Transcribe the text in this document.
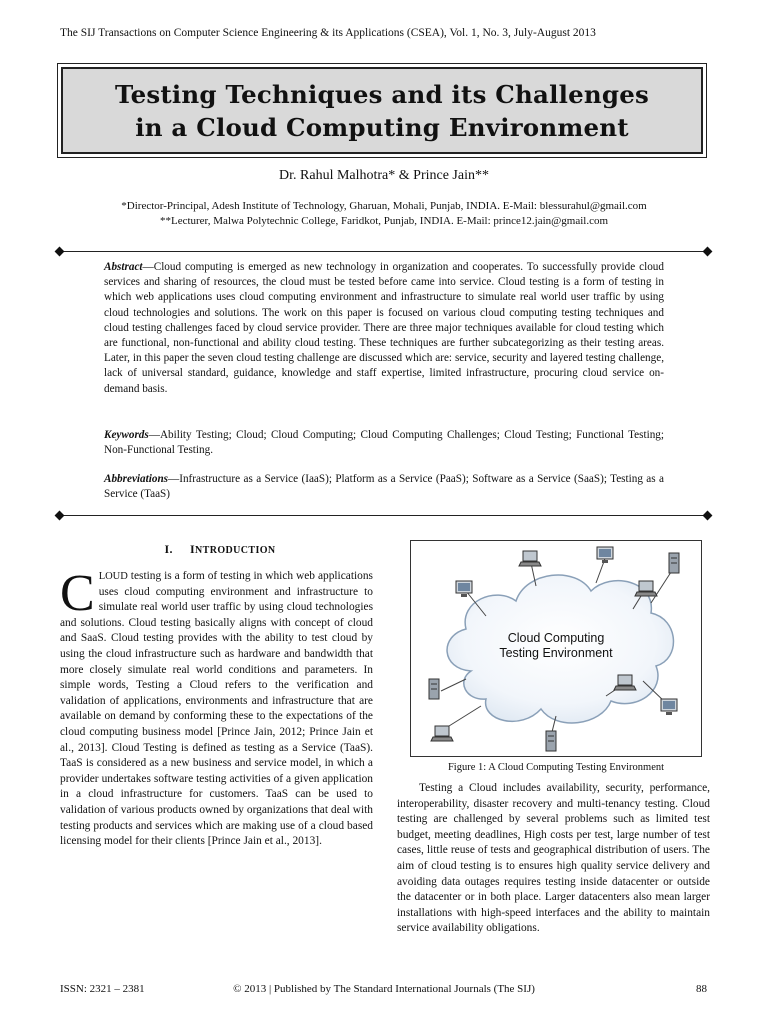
The SIJ Transactions on Computer Science Engineering & its Applications (CSEA), Vol. 1, No. 3, July-August 2013
Testing Techniques and its Challenges
in a Cloud Computing Environment
Dr. Rahul Malhotra* & Prince Jain**
*Director-Principal, Adesh Institute of Technology, Gharuan, Mohali, Punjab, INDIA. E-Mail: blessurahul@gmail.com
**Lecturer, Malwa Polytechnic College, Faridkot, Punjab, INDIA. E-Mail: prince12.jain@gmail.com
Abstract—Cloud computing is emerged as new technology in organization and cooperates. To successfully provide cloud services and sharing of resources, the cloud must be tested before came into service. Cloud testing is a form of testing in which web applications uses cloud computing environment and infrastructure to simulate real world user traffic by using cloud technologies and solutions. The work on this paper is focused on various cloud computing testing techniques and cloud testing challenges faced by cloud service provider. There are three major techniques available for cloud testing which are functional, non-functional and ability cloud testing. These techniques are further subcategorizing as their testing areas. Later, in this paper the seven cloud testing challenge are discussed which are: service, security and layered testing challenge, lack of universal standard, guidance, knowledge and staff expertise, limited infrastructure, procuring cloud service on-demand basis.
Keywords—Ability Testing; Cloud; Cloud Computing; Cloud Computing Challenges; Cloud Testing; Functional Testing; Non-Functional Testing.
Abbreviations—Infrastructure as a Service (IaaS); Platform as a Service (PaaS); Software as a Service (SaaS); Testing as a Service (TaaS)
I. INTRODUCTION
CLOUD testing is a form of testing in which web applications uses cloud computing environment and infrastructure to simulate real world user traffic by using cloud technologies and solutions. Cloud testing basically aligns with concept of cloud and SaaS. Cloud testing provides with the ability to test cloud by using the cloud infrastructure such as hardware and bandwidth that more closely simulate real world conditions and parameters. In simple words, Testing a Cloud refers to the verification and validation of applications, environments and infrastructure that are available on demand by conforming these to the expectations of the cloud computing business model [Prince Jain, 2012; Prince Jain et al., 2013]. Cloud Testing is defined as testing as a Service (TaaS). TaaS is considered as a new business and service model, in which a provider undertakes software testing activities of a given application in a cloud infrastructure for customers. TaaS can be used to validation of various products owned by organizations that deal with testing products and services which are making use of a cloud based licensing model for their clients [Prince Jain et al., 2013].
Cloud Computing
Testing Environment
Figure 1: A Cloud Computing Testing Environment
Testing a Cloud includes availability, security, performance, interoperability, disaster recovery and multi-tenancy testing. Cloud testing are challenged by several problems such as limited test budget, meeting deadlines, High costs per test, large number of test cases, little reuse of tests and geographical distribution of users. The aim of cloud testing is to ensures high quality service delivery and avoiding data outages requires testing inside datacenter or outside the datacenter or in both place. Larger datacenters also mean larger installations with high-speed interfaces and the ability to maintain service availability obligations.
ISSN: 2321 – 2381	© 2013 | Published by The Standard International Journals (The SIJ)	88
